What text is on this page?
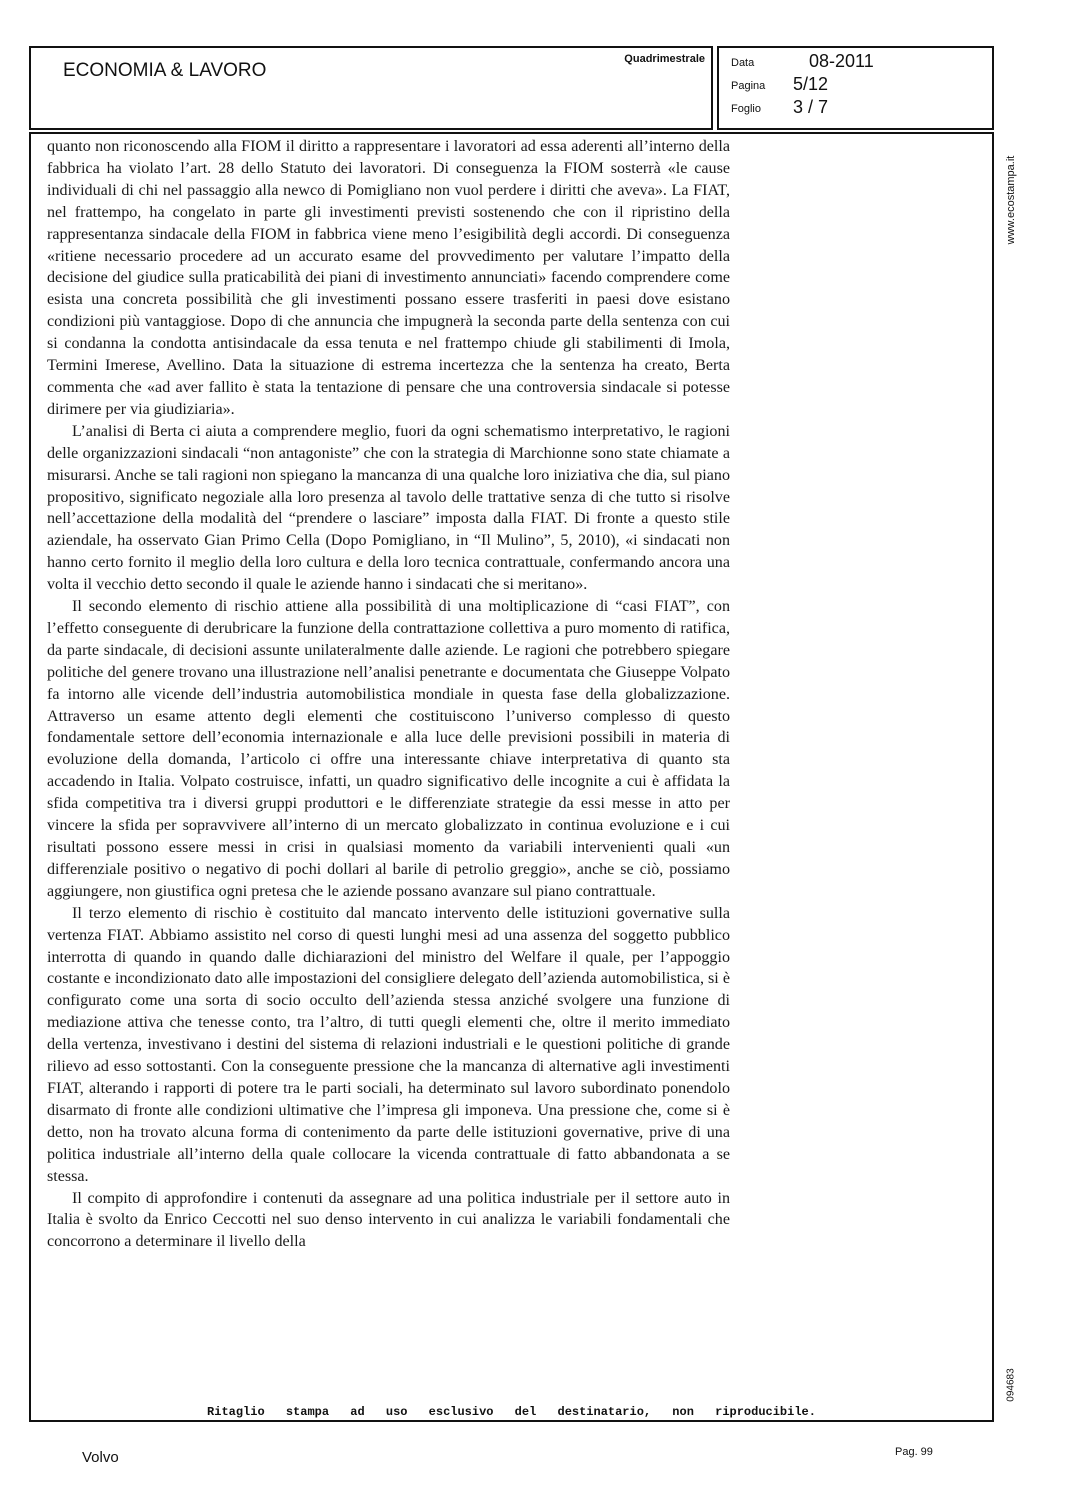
ECONOMIA & LAVORO
Quadrimestrale Data	08-2011
Pagina 5/12
Foglio 3 / 7

quanto non riconoscendo alla FIOM il diritto a rappresentare i lavoratori ad essa aderenti all’interno della fabbrica ha violato l’art. 28 dello Statuto dei lavoratori. Di conseguenza la FIOM sosterrà «le cause individuali di chi nel passaggio alla newco di Pomigliano non vuol perdere i diritti che aveva». La FIAT, nel frattempo, ha congelato in parte gli investimenti previsti sostenendo che con il ripristino della rappresentanza sindacale della FIOM in fabbrica viene meno l’esigibilità degli accordi. Di conseguenza «ritiene necessario procedere ad un accurato esame del provvedimento per valutare l’impatto della decisione del giudice sulla praticabilità dei piani di investimento annunciati» facendo comprendere come esista una concreta possibilità che gli investimenti possano essere trasferiti in paesi dove esistano condizioni più vantaggiose. Dopo di che annuncia che impugnerà la seconda parte della sentenza con cui si condanna la condotta antisindacale da essa tenuta e nel frattempo chiude gli stabilimenti di Imola, Termini Imerese, Avellino. Data la situazione di estrema incertezza che la sentenza ha creato, Berta commenta che «ad aver fallito è stata la tentazione di pensare che una controversia sindacale si potesse dirimere per via giudiziaria».

L’analisi di Berta ci aiuta a comprendere meglio, fuori da ogni schematismo interpretativo, le ragioni delle organizzazioni sindacali “non antagoniste” che con la strategia di Marchionne sono state chiamate a misurarsi. Anche se tali ragioni non spiegano la mancanza di una qualche loro iniziativa che dia, sul piano propositivo, significato negoziale alla loro presenza al tavolo delle trattative senza di che tutto si risolve nell’accettazione della modalità del “prendere o lasciare” imposta dalla FIAT. Di fronte a questo stile aziendale, ha osservato Gian Primo Cella (Dopo Pomigliano, in “Il Mulino”, 5, 2010), «i sindacati non hanno certo fornito il meglio della loro cultura e della loro tecnica contrattuale, confermando ancora una volta il vecchio detto secondo il quale le aziende hanno i sindacati che si meritano».

Il secondo elemento di rischio attiene alla possibilità di una moltiplicazione di “casi FIAT”, con l’effetto conseguente di derubricare la funzione della contrattazione collettiva a puro momento di ratifica, da parte sindacale, di decisioni assunte unilateralmente dalle aziende. Le ragioni che potrebbero spiegare politiche del genere trovano una illustrazione nell’analisi penetrante e documentata che Giuseppe Volpato fa intorno alle vicende dell’industria automobilistica mondiale in questa fase della globalizzazione. Attraverso un esame attento degli elementi che costituiscono l’universo complesso di questo fondamentale settore dell’economia internazionale e alla luce delle previsioni possibili in materia di evoluzione della domanda, l’articolo ci offre una interessante chiave interpretativa di quanto sta accadendo in Italia. Volpato costruisce, infatti, un quadro significativo delle incognite a cui è affidata la sfida competitiva tra i diversi gruppi produttori e le differenziate strategie da essi messe in atto per vincere la sfida per sopravvivere all’interno di un mercato globalizzato in continua evoluzione e i cui risultati possono essere messi in crisi in qualsiasi momento da variabili intervenienti quali «un differenziale positivo o negativo di pochi dollari al barile di petrolio greggio», anche se ciò, possiamo aggiungere, non giustifica ogni pretesa che le aziende possano avanzare sul piano contrattuale.

Il terzo elemento di rischio è costituito dal mancato intervento delle istituzioni governative sulla vertenza FIAT. Abbiamo assistito nel corso di questi lunghi mesi ad una assenza del soggetto pubblico interrotta di quando in quando dalle dichiarazioni del ministro del Welfare il quale, per l’appoggio costante e incondizionato dato alle impostazioni del consigliere delegato dell’azienda automobilistica, si è configurato come una sorta di socio occulto dell’azienda stessa anziché svolgere una funzione di mediazione attiva che tenesse conto, tra l’altro, di tutti quegli elementi che, oltre il merito immediato della vertenza, investivano i destini del sistema di relazioni industriali e le questioni politiche di grande rilievo ad esso sottostanti. Con la conseguente pressione che la mancanza di alternative agli investimenti FIAT, alterando i rapporti di potere tra le parti sociali, ha determinato sul lavoro subordinato ponendolo disarmato di fronte alle condizioni ultimative che l’impresa gli imponeva. Una pressione che, come si è detto, non ha trovato alcuna forma di contenimento da parte delle istituzioni governative, prive di una politica industriale all’interno della quale collocare la vicenda contrattuale di fatto abbandonata a se stessa.

Il compito di approfondire i contenuti da assegnare ad una politica industriale per il settore auto in Italia è svolto da Enrico Ceccotti nel suo denso intervento in cui analizza le variabili fondamentali che concorrono a determinare il livello della

Ritaglio stampa ad uso esclusivo del destinatario, non riproducibile.
www.ecostampa.it
094683
Volvo	Pag. 99
